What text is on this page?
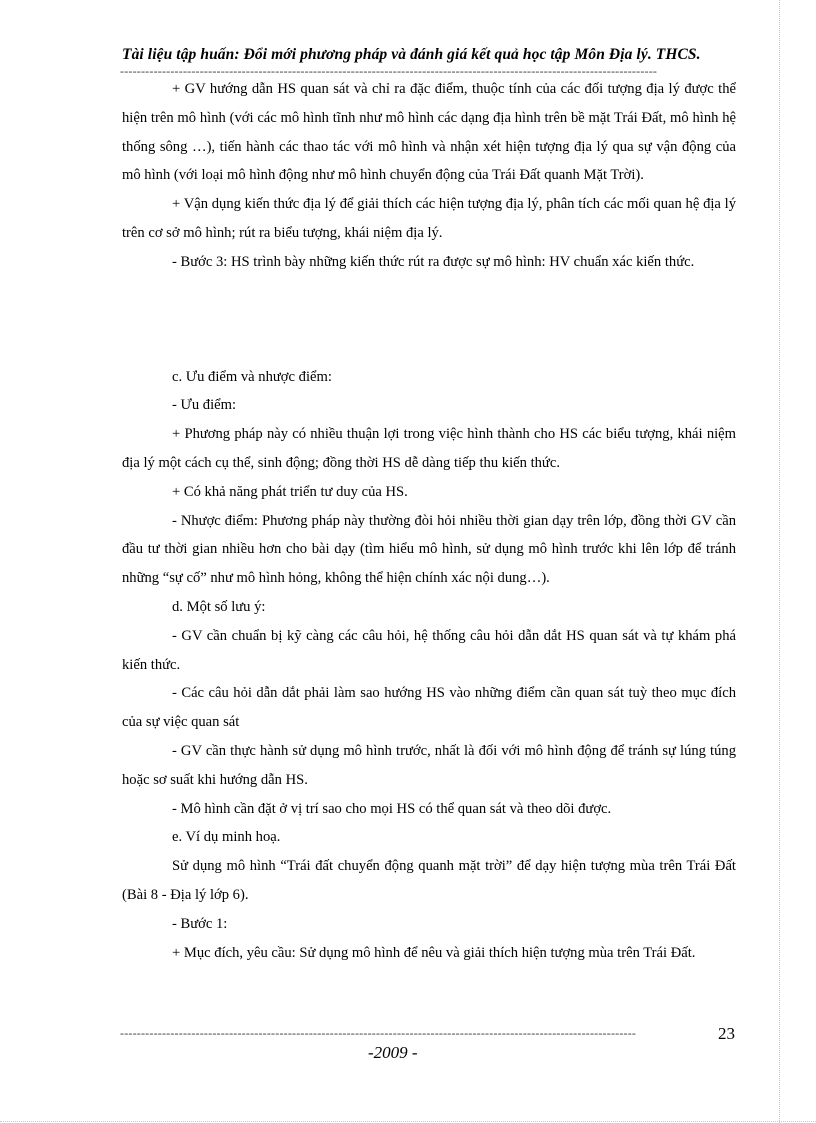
Tài liệu tập huấn: Đổi mới phương pháp và đánh giá kết quả học tập Môn Địa lý. THCS.
--------------------------------------------------------------------------------------------------------------------------------

+ GV hướng dẫn HS quan sát và chỉ ra đặc điểm, thuộc tính của các đối tượng địa lý được thể hiện trên mô hình (với các mô hình tĩnh như mô hình các dạng địa hình trên bề mặt Trái Đất, mô hình hệ thống sông …), tiến hành các thao tác với mô hình và nhận xét hiện tượng địa lý qua sự vận động của mô hình (với loại mô hình động như mô hình chuyển động của Trái Đất quanh Mặt Trời).

+ Vận dụng kiến thức địa lý để giải thích các hiện tượng địa lý, phân tích các mối quan hệ địa lý trên cơ sở mô hình; rút ra biểu tượng, khái niệm địa lý.

- Bước 3: HS trình bày những kiến thức rút ra được sự mô hình: HV chuẩn xác kiến thức.

c. Ưu điểm và nhược điểm:

- Ưu điểm:

+ Phương pháp này có nhiều thuận lợi trong việc hình thành cho HS các biểu tượng, khái niệm địa lý một cách cụ thể, sinh động; đồng thời HS dễ dàng tiếp thu kiến thức.

+ Có khả năng phát triển tư duy của HS.

- Nhược điểm: Phương pháp này thường đòi hỏi nhiều thời gian dạy trên lớp, đồng thời GV cần đầu tư thời gian nhiều hơn cho bài dạy (tìm hiểu mô hình, sử dụng mô hình trước khi lên lớp để tránh những “sự cố” như mô hình hỏng, không thể hiện chính xác nội dung…).

d. Một số lưu ý:

- GV cần chuẩn bị kỹ càng các câu hỏi, hệ thống câu hỏi dẫn dắt HS quan sát và tự khám phá kiến thức.

- Các câu hỏi dẫn dắt phải làm sao hướng HS vào những điểm cần quan sát tuỳ theo mục đích của sự việc quan sát

- GV cần thực hành sử dụng mô hình trước, nhất là đối với mô hình động để tránh sự lúng túng hoặc sơ suất khi hướng dẫn HS.

- Mô hình cần đặt ở vị trí sao cho mọi HS có thể quan sát và theo dõi được.

e. Ví dụ minh hoạ.

Sử dụng mô hình “Trái đất chuyển động quanh mặt trời” để dạy hiện tượng mùa trên Trái Đất (Bài 8 - Địa lý lớp 6).

- Bước 1:

+ Mục đích, yêu cầu: Sử dụng mô hình để nêu và giải thích hiện tượng mùa trên Trái Đất.

---------------------------------------------------------------------------------------------------------------------------	23
-2009 -
